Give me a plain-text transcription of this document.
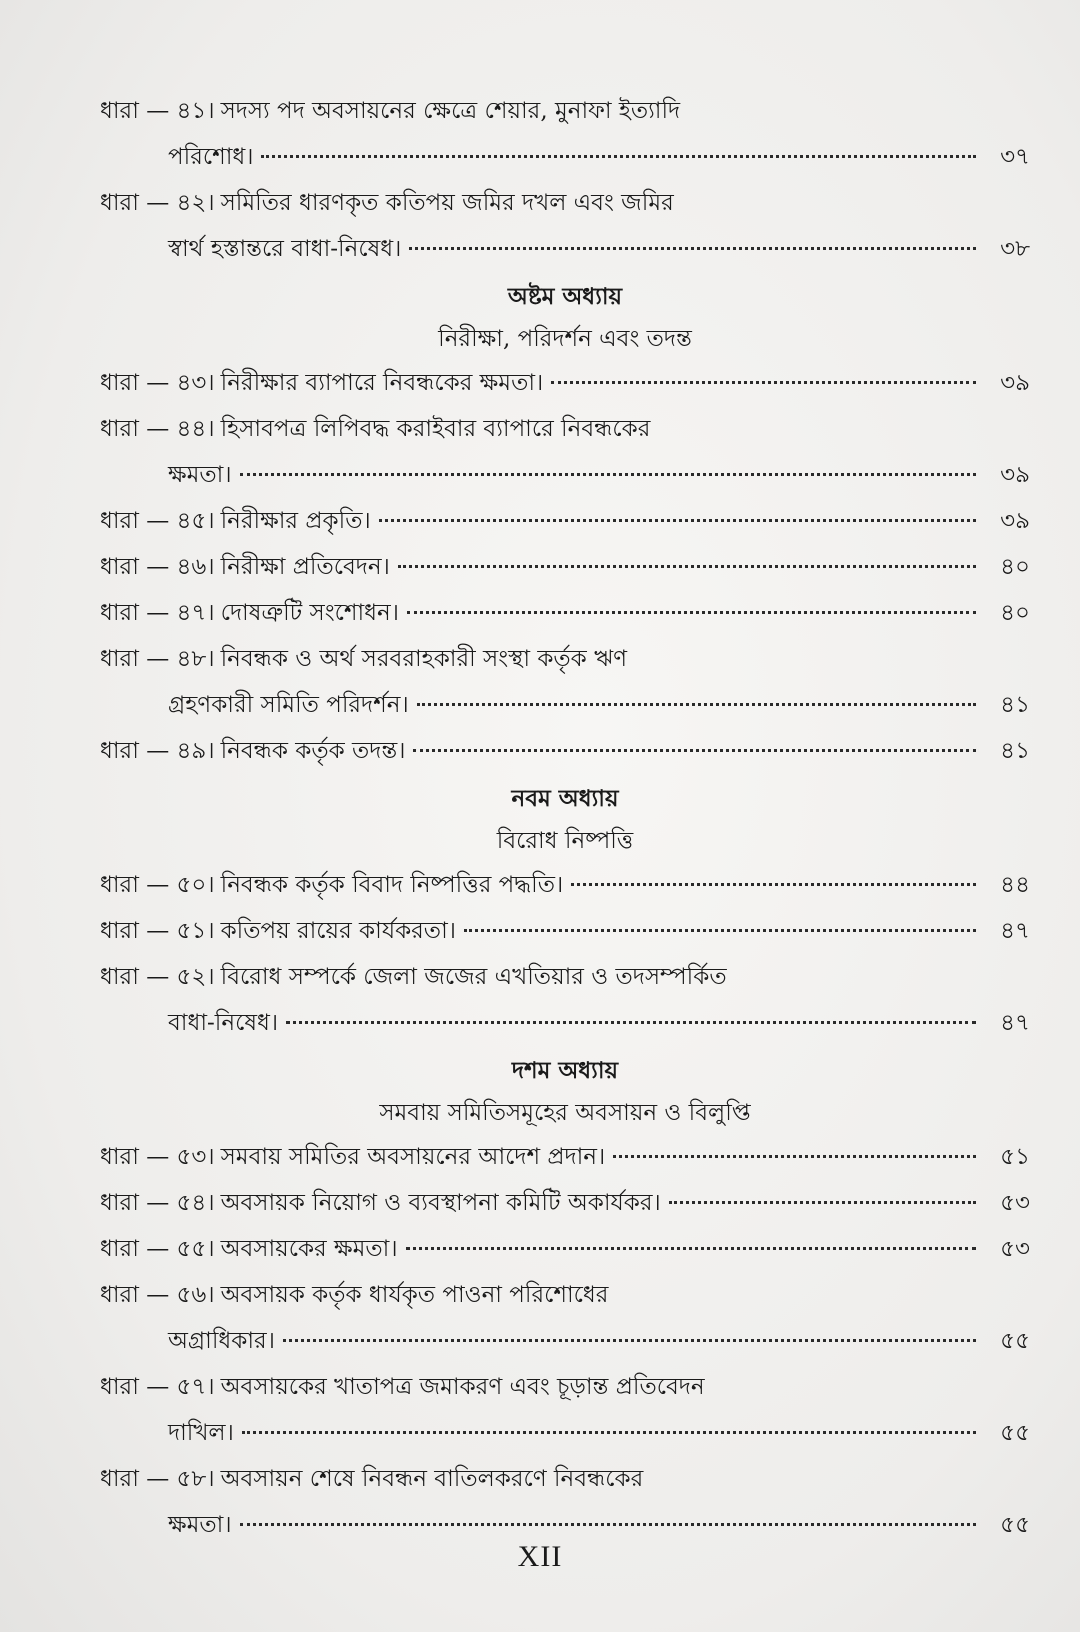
ধারা — ৪১। সদস্য পদ অবসায়নের ক্ষেত্রে শেয়ার, মুনাফা ইত্যাদি
পরিশোধ।	৩৭
ধারা — ৪২। সমিতির ধারণকৃত কতিপয় জমির দখল এবং জমির
স্বার্থ হস্তান্তরে বাধা-নিষেধ।	৩৮
অষ্টম অধ্যায়
নিরীক্ষা, পরিদর্শন এবং তদন্ত
ধারা — ৪৩। নিরীক্ষার ব্যাপারে নিবন্ধকের ক্ষমতা।	৩৯
ধারা — ৪৪। হিসাবপত্র লিপিবদ্ধ করাইবার ব্যাপারে নিবন্ধকের
ক্ষমতা।	৩৯
ধারা — ৪৫। নিরীক্ষার প্রকৃতি।	৩৯
ধারা — ৪৬। নিরীক্ষা প্রতিবেদন।	৪০
ধারা — ৪৭। দোষত্রুটি সংশোধন।	৪০
ধারা — ৪৮। নিবন্ধক ও অর্থ সরবরাহকারী সংস্থা কর্তৃক ঋণ
গ্রহণকারী সমিতি পরিদর্শন।	৪১
ধারা — ৪৯। নিবন্ধক কর্তৃক তদন্ত।	৪১
নবম অধ্যায়
বিরোধ নিষ্পত্তি
ধারা — ৫০। নিবন্ধক কর্তৃক বিবাদ নিষ্পত্তির পদ্ধতি।	৪৪
ধারা — ৫১। কতিপয় রায়ের কার্যকরতা।	৪৭
ধারা — ৫২। বিরোধ সম্পর্কে জেলা জজের এখতিয়ার ও তদসম্পর্কিত
বাধা-নিষেধ।	৪৭
দশম অধ্যায়
সমবায় সমিতিসমূহের অবসায়ন ও বিলুপ্তি
ধারা — ৫৩। সমবায় সমিতির অবসায়নের আদেশ প্রদান।	৫১
ধারা — ৫৪। অবসায়ক নিয়োগ ও ব্যবস্থাপনা কমিটি অকার্যকর।	৫৩
ধারা — ৫৫। অবসায়কের ক্ষমতা।	৫৩
ধারা — ৫৬। অবসায়ক কর্তৃক ধার্যকৃত পাওনা পরিশোধের
অগ্রাধিকার।	৫৫
ধারা — ৫৭। অবসায়কের খাতাপত্র জমাকরণ এবং চূড়ান্ত প্রতিবেদন
দাখিল।	৫৫
ধারা — ৫৮। অবসায়ন শেষে নিবন্ধন বাতিলকরণে নিবন্ধকের
ক্ষমতা।	৫৫
XII
